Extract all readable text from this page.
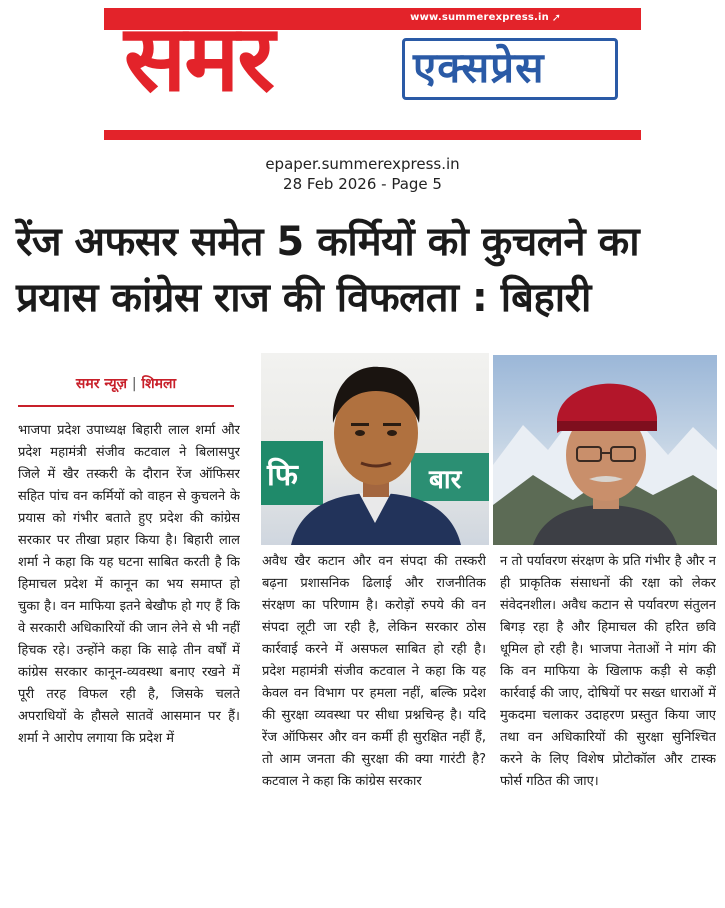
www.summerexpress.in ➚
समर	एक्सप्रेस
epaper.summerexpress.in
28 Feb 2026 - Page 5
रेंज अफसर समेत 5 कर्मियों को कुचलने का प्रयास कांग्रेस राज की विफलता : बिहारी
समर न्यूज़ | शिमला
फि	बार
भाजपा प्रदेश उपाध्यक्ष बिहारी लाल शर्मा और प्रदेश महामंत्री संजीव कटवाल ने बिलासपुर जिले में खैर तस्करी के दौरान रेंज ऑफिसर सहित पांच वन कर्मियों को वाहन से कुचलने के प्रयास को गंभीर बताते हुए प्रदेश की कांग्रेस सरकार पर तीखा प्रहार किया है। बिहारी लाल शर्मा ने कहा कि यह घटना साबित करती है कि हिमाचल प्रदेश में कानून का भय समाप्त हो चुका है। वन माफिया इतने बेखौफ हो गए हैं कि वे सरकारी अधिकारियों की जान लेने से भी नहीं हिचक रहे। उन्होंने कहा कि साढ़े तीन वर्षों में कांग्रेस सरकार कानून-व्यवस्था बनाए रखने में पूरी तरह विफल रही है, जिसके चलते अपराधियों के हौसले सातवें आसमान पर हैं। शर्मा ने आरोप लगाया कि प्रदेश में
अवैध खैर कटान और वन संपदा की तस्करी बढ़ना प्रशासनिक ढिलाई और राजनीतिक संरक्षण का परिणाम है। करोड़ों रुपये की वन संपदा लूटी जा रही है, लेकिन सरकार ठोस कार्रवाई करने में असफल साबित हो रही है। प्रदेश महामंत्री संजीव कटवाल ने कहा कि यह केवल वन विभाग पर हमला नहीं, बल्कि प्रदेश की सुरक्षा व्यवस्था पर सीधा प्रश्नचिन्ह है। यदि रेंज ऑफिसर और वन कर्मी ही सुरक्षित नहीं हैं, तो आम जनता की सुरक्षा की क्या गारंटी है? कटवाल ने कहा कि कांग्रेस सरकार
न तो पर्यावरण संरक्षण के प्रति गंभीर है और न ही प्राकृतिक संसाधनों की रक्षा को लेकर संवेदनशील। अवैध कटान से पर्यावरण संतुलन बिगड़ रहा है और हिमाचल की हरित छवि धूमिल हो रही है। भाजपा नेताओं ने मांग की कि वन माफिया के खिलाफ कड़ी से कड़ी कार्रवाई की जाए, दोषियों पर सख्त धाराओं में मुकदमा चलाकर उदाहरण प्रस्तुत किया जाए तथा वन अधिकारियों की सुरक्षा सुनिश्चित करने के लिए विशेष प्रोटोकॉल और टास्क फोर्स गठित की जाए।
